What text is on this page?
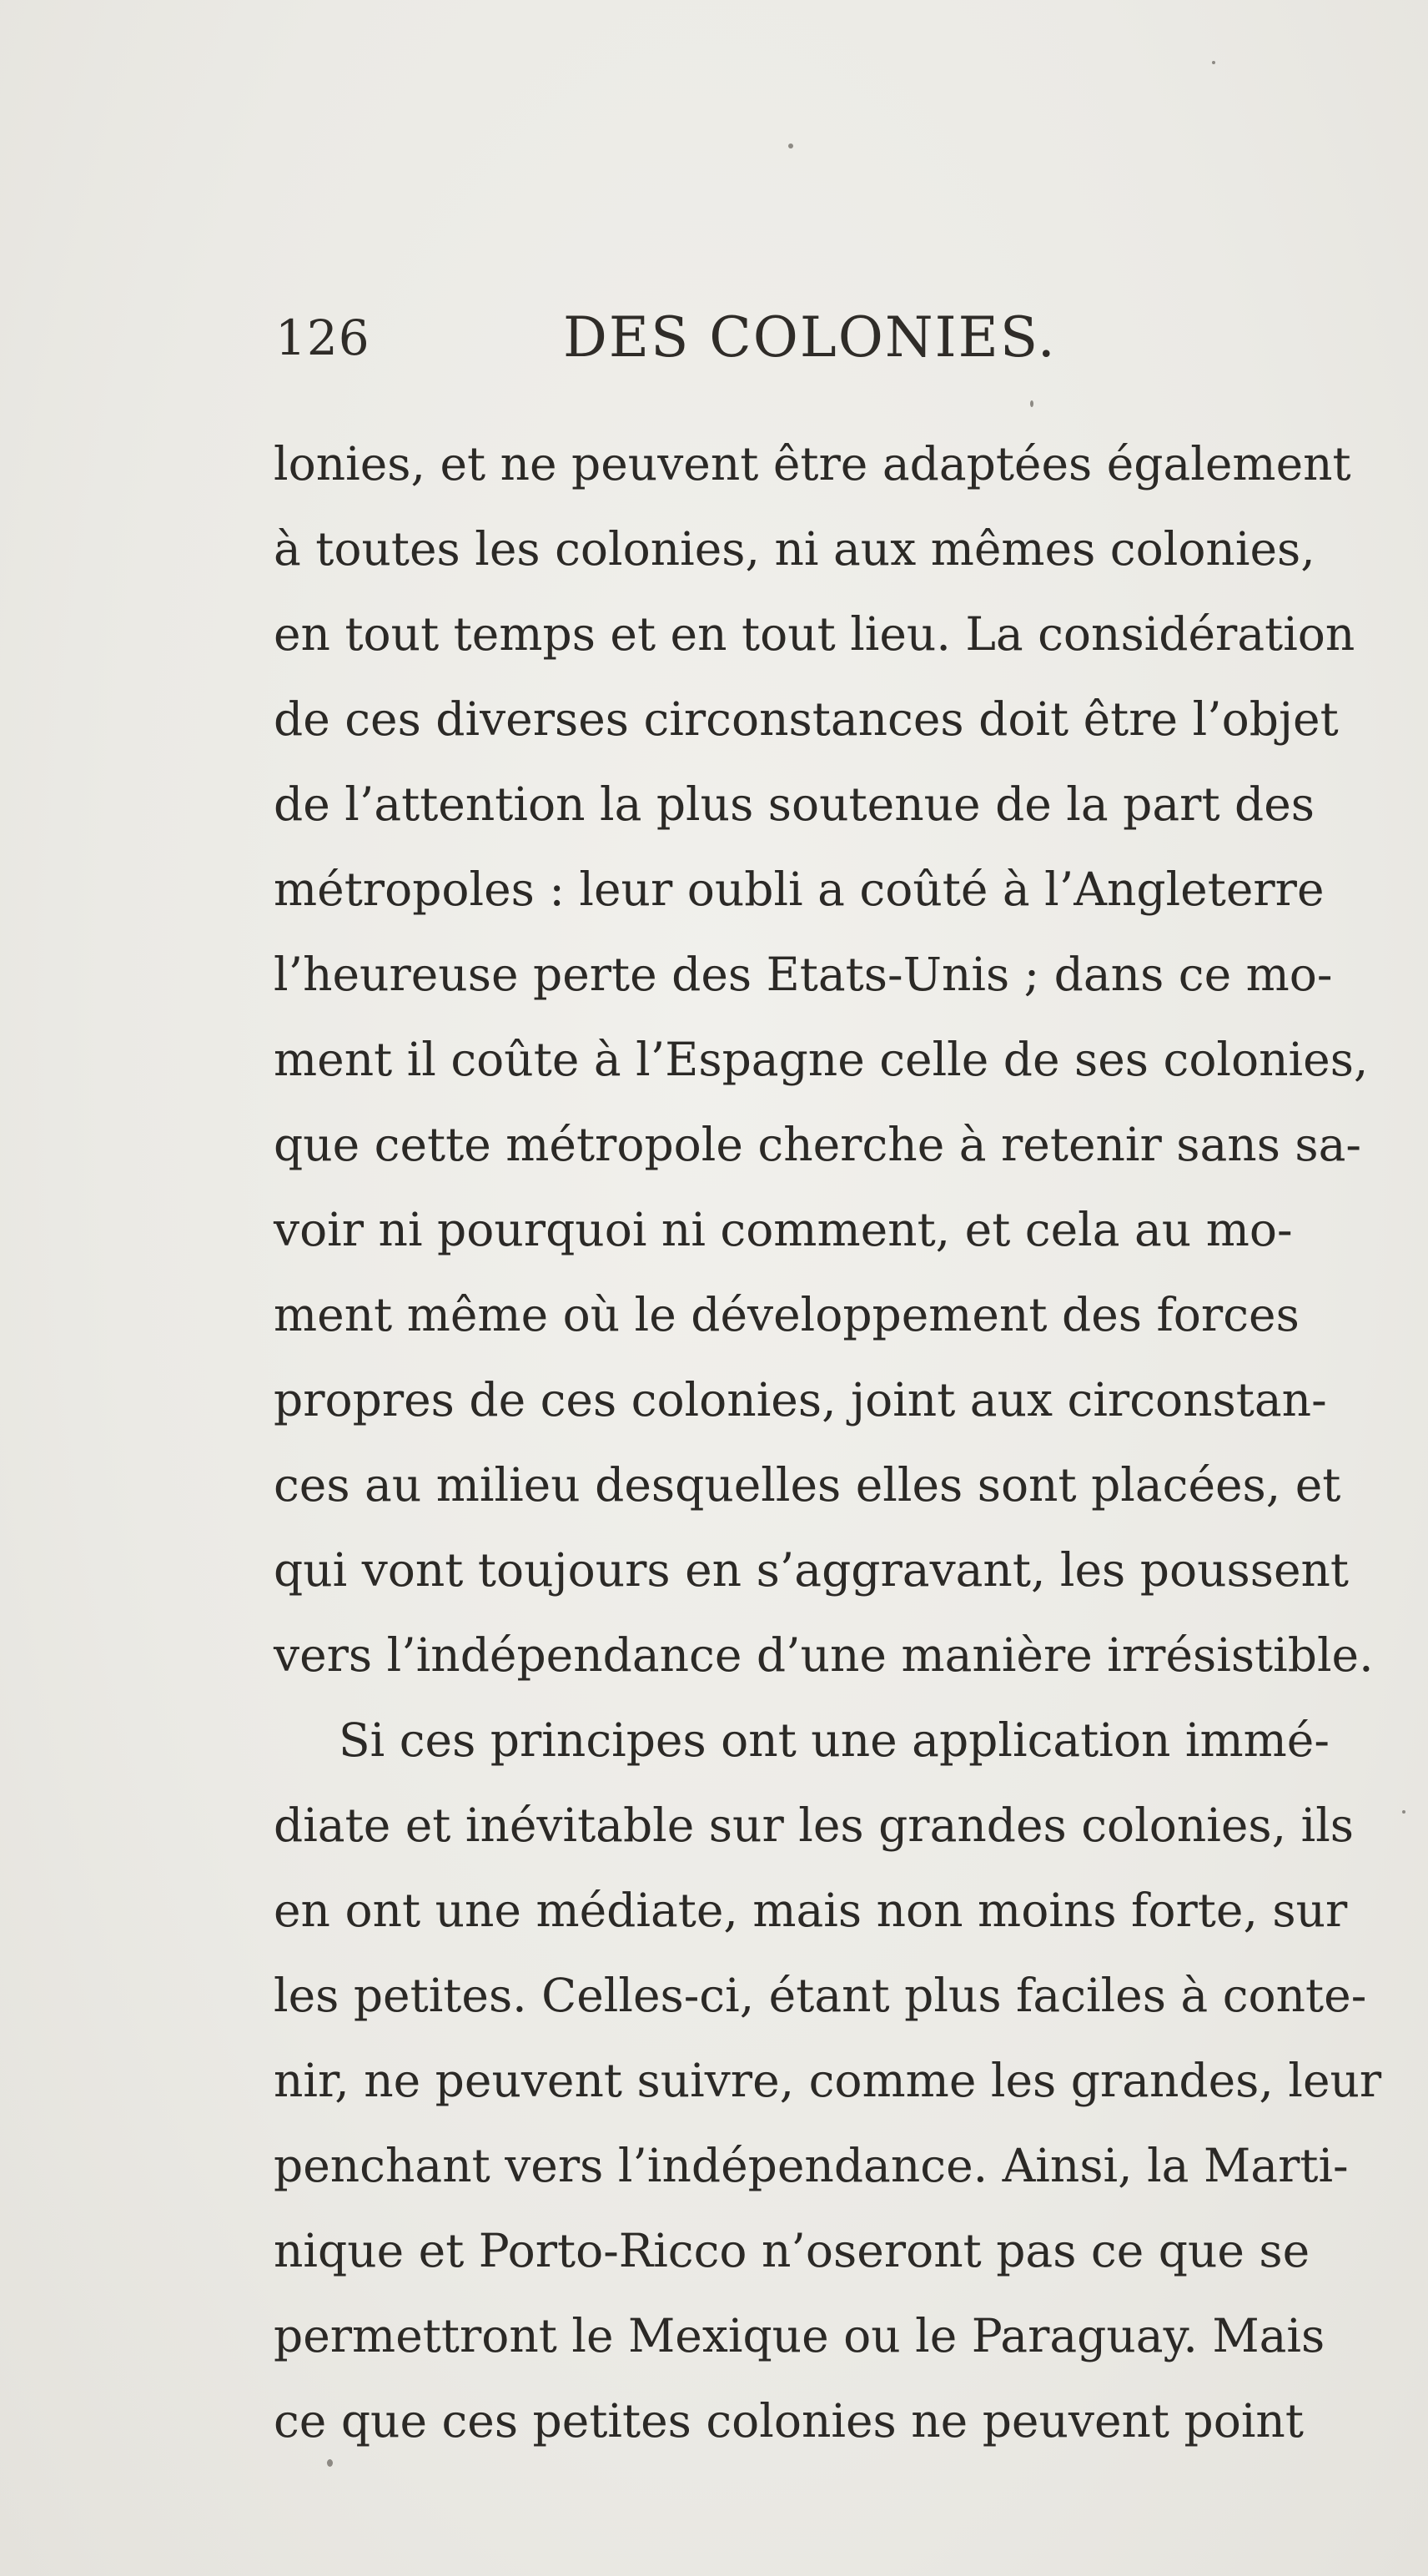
126	DES COLONIES.
lonies, et ne peuvent être adaptées également
à toutes les colonies, ni aux mêmes colonies,
en tout temps et en tout lieu. La considération
de ces diverses circonstances doit être l’objet
de l’attention la plus soutenue de la part des
métropoles : leur oubli a coûté à l’Angleterre
l’heureuse perte des Etats-Unis ; dans ce mo-
ment il coûte à l’Espagne celle de ses colonies,
que cette métropole cherche à retenir sans sa-
voir ni pourquoi ni comment, et cela au mo-
ment même où le développement des forces
propres de ces colonies, joint aux circonstan-
ces au milieu desquelles elles sont placées, et
qui vont toujours en s’aggravant, les poussent
vers l’indépendance d’une manière irrésistible.
Si ces principes ont une application immé-
diate et inévitable sur les grandes colonies, ils
en ont une médiate, mais non moins forte, sur
les petites. Celles-ci, étant plus faciles à conte-
nir, ne peuvent suivre, comme les grandes, leur
penchant vers l’indépendance. Ainsi, la Marti-
nique et Porto-Ricco n’oseront pas ce que se
permettront le Mexique ou le Paraguay. Mais
ce que ces petites colonies ne peuvent point
